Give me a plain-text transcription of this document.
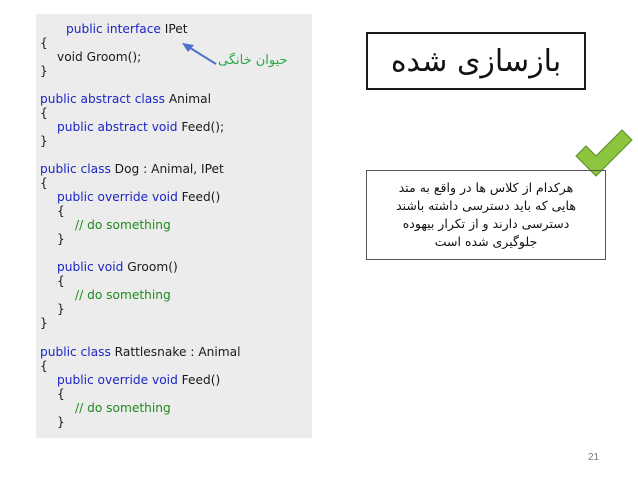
public interface IPet
{
void Groom();
}
public abstract class Animal
{
public abstract void Feed();
}
public class Dog : Animal, IPet
{
public override void Feed()
{
// do something
}
public void Groom()
{
// do something
}
}
public class Rattlesnake : Animal
{
public override void Feed()
{
// do something
}
حیوان خانگی	بازسازی شده
هرکدام از کلاس ها در واقع به متد
هایی که باید دسترسی داشته باشند
دسترسی دارند و از تکرار بیهوده
جلوگیری شده است
21
